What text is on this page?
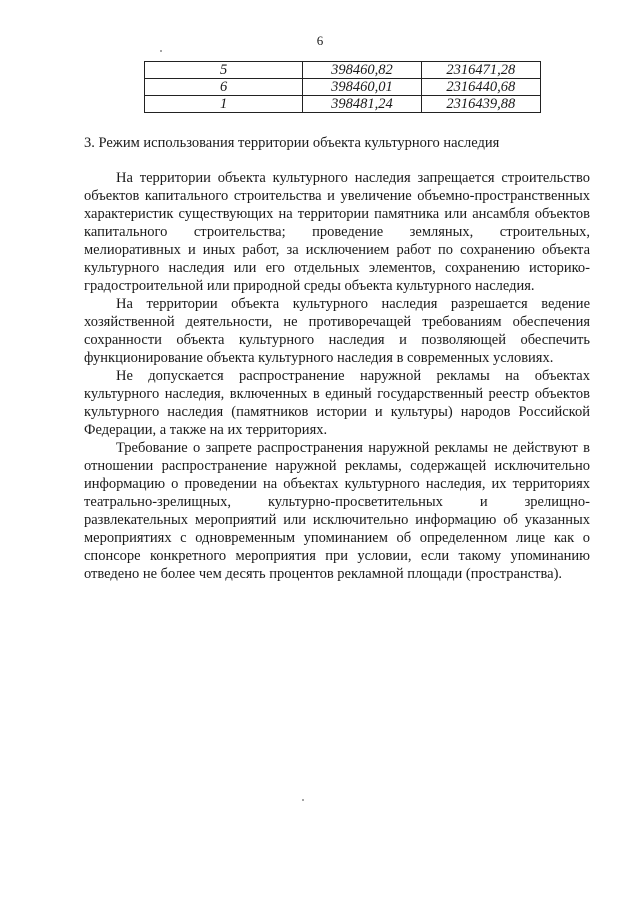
6
5	398460,82	2316471,28
6	398460,01	2316440,68
1	398481,24	2316439,88
3. Режим использования территории объекта культурного наследия

На территории объекта культурного наследия запрещается строительство объектов капитального строительства и увеличение объемно-пространственных характеристик существующих на территории памятника или ансамбля объектов капитального строительства; проведение земляных, строительных, мелиоративных и иных работ, за исключением работ по сохранению объекта культурного наследия или его отдельных элементов, сохранению историко-градостроительной или природной среды объекта культурного наследия.

На территории объекта культурного наследия разрешается ведение хозяйственной деятельности, не противоречащей требованиям обеспечения сохранности объекта культурного наследия и позволяющей обеспечить функционирование объекта культурного наследия в современных условиях.

Не допускается распространение наружной рекламы на объектах культурного наследия, включенных в единый государственный реестр объектов культурного наследия (памятников истории и культуры) народов Российской Федерации, а также на их территориях.

Требование о запрете распространения наружной рекламы не действуют в отношении распространение наружной рекламы, содержащей исключительно информацию о проведении на объектах культурного наследия, их территориях театрально-зрелищных, культурно-просветительных и зрелищно-развлекательных мероприятий или исключительно информацию об указанных мероприятиях с одновременным упоминанием об определенном лице как о спонсоре конкретного мероприятия при условии, если такому упоминанию отведено не более чем десять процентов рекламной площади (пространства).
